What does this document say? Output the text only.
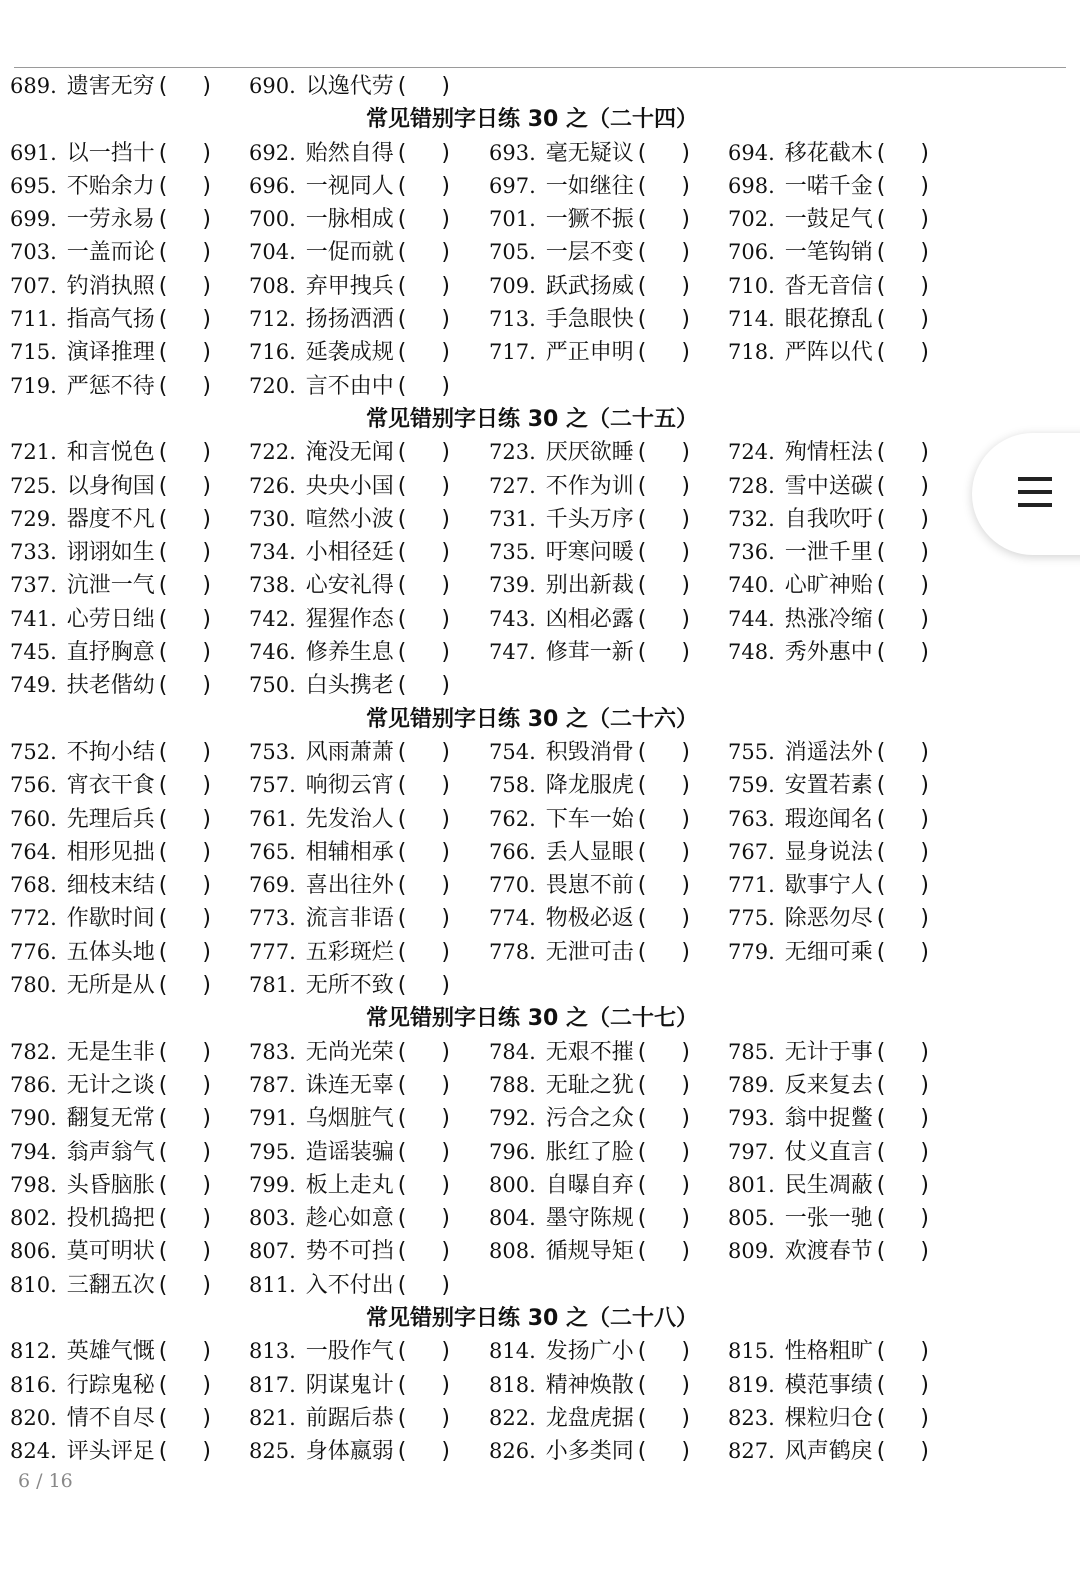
689. 遗害无穷 ( ) 690. 以逸代劳 ( )
常见错别字日练 30 之（二十四）
691. 以一挡十 ( ) 692. 贻然自得 ( ) 693. 毫无疑议 ( ) 694. 移花截木 ( )
695. 不贻余力 ( ) 696. 一视同人 ( ) 697. 一如继往 ( ) 698. 一喏千金 ( )
699. 一劳永易 ( ) 700. 一脉相成 ( ) 701. 一獗不振 ( ) 702. 一鼓足气 ( )
703. 一盖而论 ( ) 704. 一促而就 ( ) 705. 一层不变 ( ) 706. 一笔钩销 ( )
707. 钓消执照 ( ) 708. 弃甲拽兵 ( ) 709. 跃武扬威 ( ) 710. 沓无音信 ( )
711. 指高气扬 ( ) 712. 扬扬洒洒 ( ) 713. 手急眼快 ( ) 714. 眼花撩乱 ( )
715. 演译推理 ( ) 716. 延袭成规 ( ) 717. 严正申明 ( ) 718. 严阵以代 ( )
719. 严惩不待 ( ) 720. 言不由中 ( )
常见错别字日练 30 之（二十五）
721. 和言悦色 ( ) 722. 淹没无闻 ( ) 723. 厌厌欲睡 ( ) 724. 殉情枉法 ( )
725. 以身徇国 ( ) 726. 央央小国 ( ) 727. 不作为训 ( ) 728. 雪中送碳 ( )
729. 器度不凡 ( ) 730. 喧然小波 ( ) 731. 千头万序 ( ) 732. 自我吹吁 ( )
733. 诩诩如生 ( ) 734. 小相径廷 ( ) 735. 吁寒问暖 ( ) 736. 一泄千里 ( )
737. 沆泄一气 ( ) 738. 心安礼得 ( ) 739. 别出新裁 ( ) 740. 心旷神贻 ( )
741. 心劳日绌 ( ) 742. 猩猩作态 ( ) 743. 凶相必露 ( ) 744. 热涨冷缩 ( )
745. 直抒胸意 ( ) 746. 修养生息 ( ) 747. 修茸一新 ( ) 748. 秀外惠中 ( )
749. 扶老偕幼 ( ) 750. 白头携老 ( )
常见错别字日练 30 之（二十六）
752. 不拘小结 ( ) 753. 风雨萧萧 ( ) 754. 积毁消骨 ( ) 755. 消遥法外 ( )
756. 宵衣干食 ( ) 757. 响彻云宵 ( ) 758. 降龙服虎 ( ) 759. 安置若素 ( )
760. 先理后兵 ( ) 761. 先发治人 ( ) 762. 下车一始 ( ) 763. 瑕迩闻名 ( )
764. 相形见拙 ( ) 765. 相辅相承 ( ) 766. 丢人显眼 ( ) 767. 显身说法 ( )
768. 细枝末结 ( ) 769. 喜出往外 ( ) 770. 畏崽不前 ( ) 771. 歇事宁人 ( )
772. 作歇时间 ( ) 773. 流言非语 ( ) 774. 物极必返 ( ) 775. 除恶勿尽 ( )
776. 五体头地 ( ) 777. 五彩斑烂 ( ) 778. 无泄可击 ( ) 779. 无细可乘 ( )
780. 无所是从 ( ) 781. 无所不致 ( )
常见错别字日练 30 之（二十七）
782. 无是生非 ( ) 783. 无尚光荣 ( ) 784. 无艰不摧 ( ) 785. 无计于事 ( )
786. 无计之谈 ( ) 787. 诛连无辜 ( ) 788. 无耻之犹 ( ) 789. 反来复去 ( )
790. 翻复无常 ( ) 791. 乌烟脏气 ( ) 792. 污合之众 ( ) 793. 翁中捉鳖 ( )
794. 翁声翁气 ( ) 795. 造谣装骗 ( ) 796. 胀红了脸 ( ) 797. 仗义直言 ( )
798. 头昏脑胀 ( ) 799. 板上走丸 ( ) 800. 自曝自弃 ( ) 801. 民生凋蔽 ( )
802. 投机捣把 ( ) 803. 趁心如意 ( ) 804. 墨守陈规 ( ) 805. 一张一驰 ( )
806. 莫可明状 ( ) 807. 势不可挡 ( ) 808. 循规导矩 ( ) 809. 欢渡春节 ( )
810. 三翻五次 ( ) 811. 入不付出 ( )
常见错别字日练 30 之（二十八）
812. 英雄气慨 ( ) 813. 一股作气 ( ) 814. 发扬广小 ( ) 815. 性格粗旷 ( )
816. 行踪鬼秘 ( ) 817. 阴谋鬼计 ( ) 818. 精神焕散 ( ) 819. 模范事绩 ( )
820. 情不自尽 ( ) 821. 前踞后恭 ( ) 822. 龙盘虎据 ( ) 823. 棵粒归仓 ( )
824. 评头评足 ( ) 825. 身体嬴弱 ( ) 826. 小多类同 ( ) 827. 风声鹤戾 ( )
6 / 16
